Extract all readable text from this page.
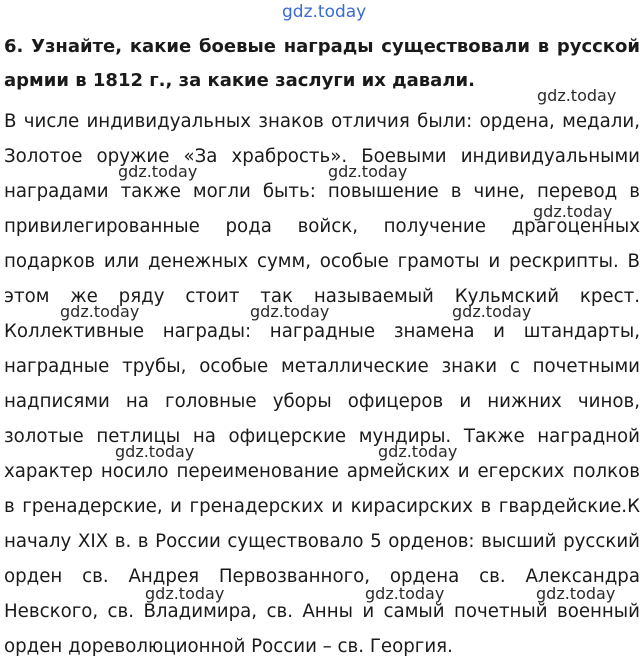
gdz.today
6. Узнайте, какие боевые награды существовали в русской армии в 1812 г., за какие заслуги их давали.
В числе индивидуальных знаков отличия были: ордена, медали, Золотое оружие «За храбрость». Боевыми индивидуальными наградами также могли быть: повышение в чине, перевод в привилегированные рода войск, получение драгоценных подарков или денежных сумм, особые грамоты и рескрипты. В этом же ряду стоит так называемый Кульмский крест. Коллективные награды: наградные знамена и штандарты, наградные трубы, особые металлические знаки с почетными надписями на головные уборы офицеров и нижних чинов, золотые петлицы на офицерские мундиры. Также наградной характер носило переименование армейских и егерских полков в гренадерские, и гренадерских и кирасирских в гвардейские.К началу XIX в. в России существовало 5 орденов: высший русский орден св. Андрея Первозванного, ордена св. Александра Невского, св. Владимира, св. Анны и самый почетный военный орден дореволюционной России – св. Георгия.
gdz.today
gdz.today	gdz.today
gdz.today
gdz.today	gdz.today	gdz.today
gdz.today	gdz.today
gdz.today	gdz.today	gdz.today
